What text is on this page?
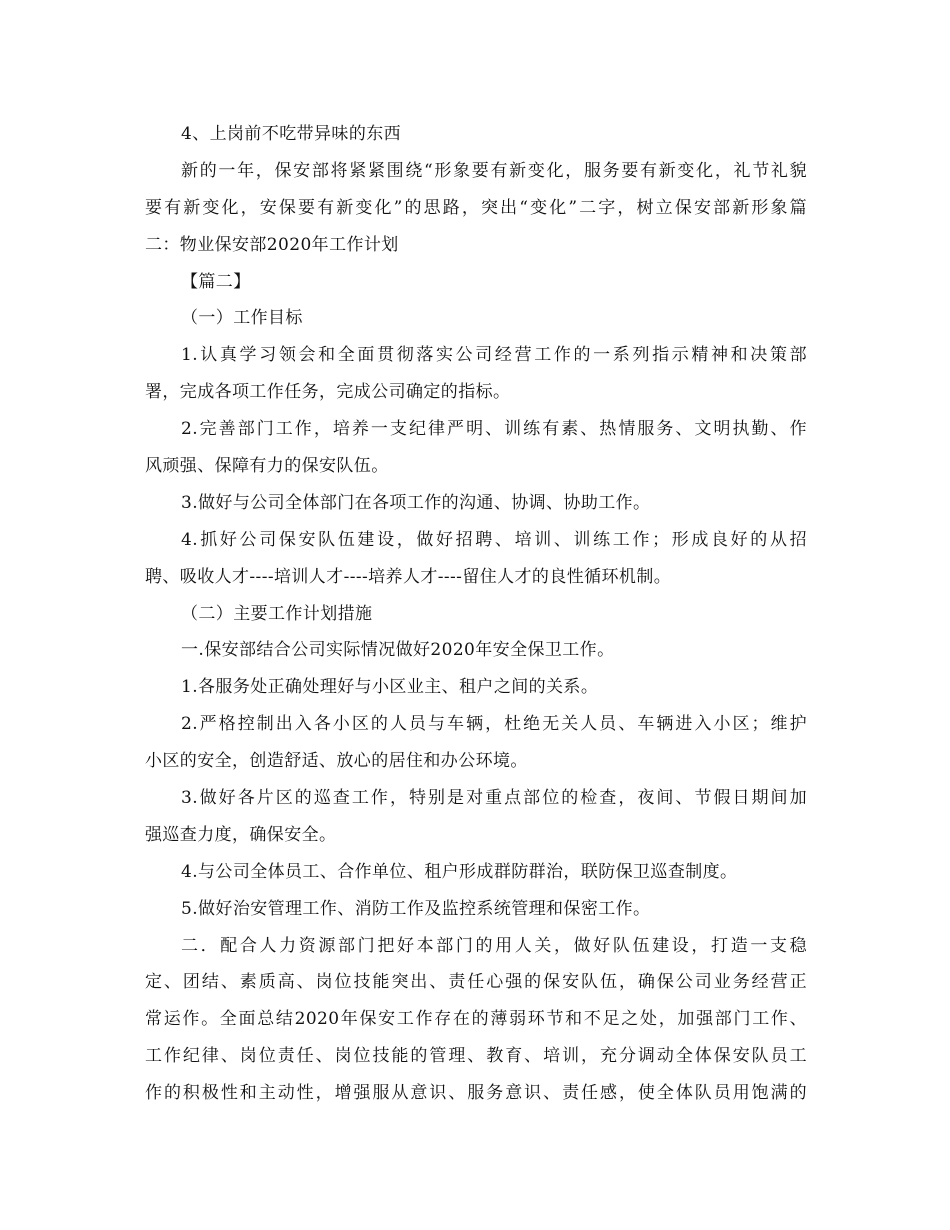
4、上岗前不吃带异味的东西
新的一年，保安部将紧紧围绕“形象要有新变化，服务要有新变化，礼节礼貌
要有新变化，安保要有新变化”的思路，突出“变化”二字，树立保安部新形象篇
二：物业保安部2020年工作计划
【篇二】
（一）工作目标
1.认真学习领会和全面贯彻落实公司经营工作的一系列指示精神和决策部
署，完成各项工作任务，完成公司确定的指标。
2.完善部门工作，培养一支纪律严明、训练有素、热情服务、文明执勤、作
风顽强、保障有力的保安队伍。
3.做好与公司全体部门在各项工作的沟通、协调、协助工作。
4.抓好公司保安队伍建设，做好招聘、培训、训练工作；形成良好的从招
聘、吸收人才----培训人才----培养人才----留住人才的良性循环机制。
（二）主要工作计划措施
一.保安部结合公司实际情况做好2020年安全保卫工作。
1.各服务处正确处理好与小区业主、租户之间的关系。
2.严格控制出入各小区的人员与车辆，杜绝无关人员、车辆进入小区；维护
小区的安全，创造舒适、放心的居住和办公环境。
3.做好各片区的巡查工作，特别是对重点部位的检查，夜间、节假日期间加
强巡查力度，确保安全。
4.与公司全体员工、合作单位、租户形成群防群治，联防保卫巡查制度。
5.做好治安管理工作、消防工作及监控系统管理和保密工作。
二．配合人力资源部门把好本部门的用人关，做好队伍建设，打造一支稳
定、团结、素质高、岗位技能突出、责任心强的保安队伍，确保公司业务经营正
常运作。全面总结2020年保安工作存在的薄弱环节和不足之处，加强部门工作、
工作纪律、岗位责任、岗位技能的管理、教育、培训，充分调动全体保安队员工
作的积极性和主动性，增强服从意识、服务意识、责任感，使全体队员用饱满的
